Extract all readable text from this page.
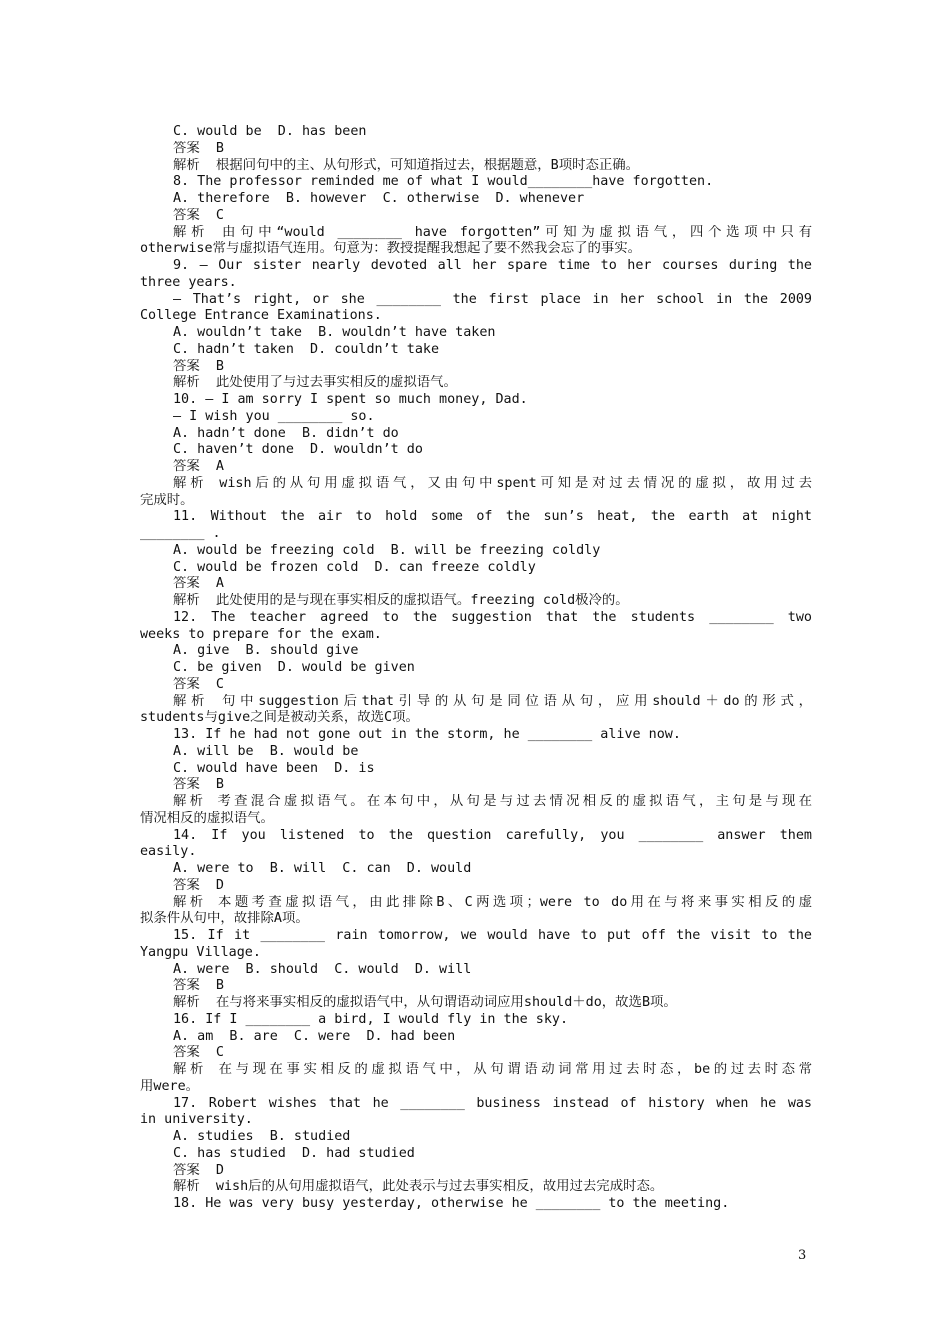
C. would be  D. has been
答案  B
解析  根据问句中的主、从句形式，可知道指过去，根据题意，B项时态正确。
8. The professor reminded me of what I would________have forgotten.
A. therefore  B. however  C. otherwise  D. whenever
答案  C
解析 由句中“would ________ have forgotten”可知为虚拟语气，四个选项中只有
otherwise常与虚拟语气连用。句意为：教授提醒我想起了要不然我会忘了的事实。
9. — Our sister nearly devoted all her spare time to her courses during the
three years.
— That’s right, or she ________ the first place in her school in the 2009
College Entrance Examinations.
A. wouldn’t take  B. wouldn’t have taken
C. hadn’t taken  D. couldn’t take
答案  B
解析  此处使用了与过去事实相反的虚拟语气。
10. — I am sorry I spent so much money, Dad.
— I wish you ________ so.
A. hadn’t done  B. didn’t do
C. haven’t done  D. wouldn’t do
答案  A
解析 wish后的从句用虚拟语气，又由句中spent可知是对过去情况的虚拟，故用过去
完成时。
11. Without the air to hold some of the sun’s heat, the earth at night
________ .
A. would be freezing cold  B. will be freezing coldly
C. would be frozen cold  D. can freeze coldly
答案  A
解析  此处使用的是与现在事实相反的虚拟语气。freezing cold极冷的。
12. The teacher agreed to the suggestion that the students ________ two
weeks to prepare for the exam.
A. give  B. should give
C. be given  D. would be given
答案  C
解析 句中suggestion后that引导的从句是同位语从句，应用should＋do的形式，
students与give之间是被动关系，故选C项。
13. If he had not gone out in the storm, he ________ alive now.
A. will be  B. would be
C. would have been  D. is
答案  B
解析 考查混合虚拟语气。在本句中，从句是与过去情况相反的虚拟语气，主句是与现在
情况相反的虚拟语气。
14. If you listened to the question carefully, you ________ answer them
easily.
A. were to  B. will  C. can  D. would
答案  D
解析 本题考查虚拟语气，由此排除B、C两选项；were to do用在与将来事实相反的虚
拟条件从句中，故排除A项。
15. If it ________ rain tomorrow, we would have to put off the visit to the
Yangpu Village.
A. were  B. should  C. would  D. will
答案  B
解析  在与将来事实相反的虚拟语气中，从句谓语动词应用should＋do，故选B项。
16. If I ________ a bird, I would fly in the sky.
A. am  B. are  C. were  D. had been
答案  C
解析 在与现在事实相反的虚拟语气中，从句谓语动词常用过去时态，be的过去时态常
用were。
17. Robert wishes that he ________ business instead of history when he was
in university.
A. studies  B. studied
C. has studied  D. had studied
答案  D
解析  wish后的从句用虚拟语气，此处表示与过去事实相反，故用过去完成时态。
18. He was very busy yesterday, otherwise he ________ to the meeting.
3
